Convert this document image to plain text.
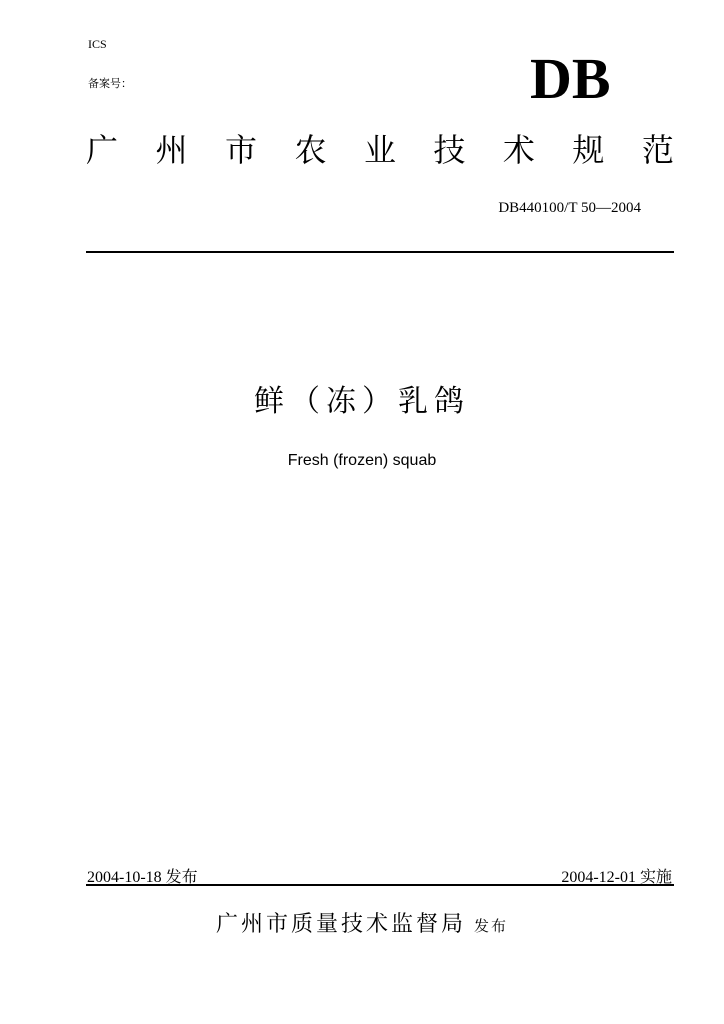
ICS
备案号：	DB
广 州 市 农 业 技 术 规 范
DB440100/T 50—2004
鲜（冻）乳鸽
Fresh (frozen) squab
2004-10-18 发布	2004-12-01 实施
广州市质量技术监督局 发布
